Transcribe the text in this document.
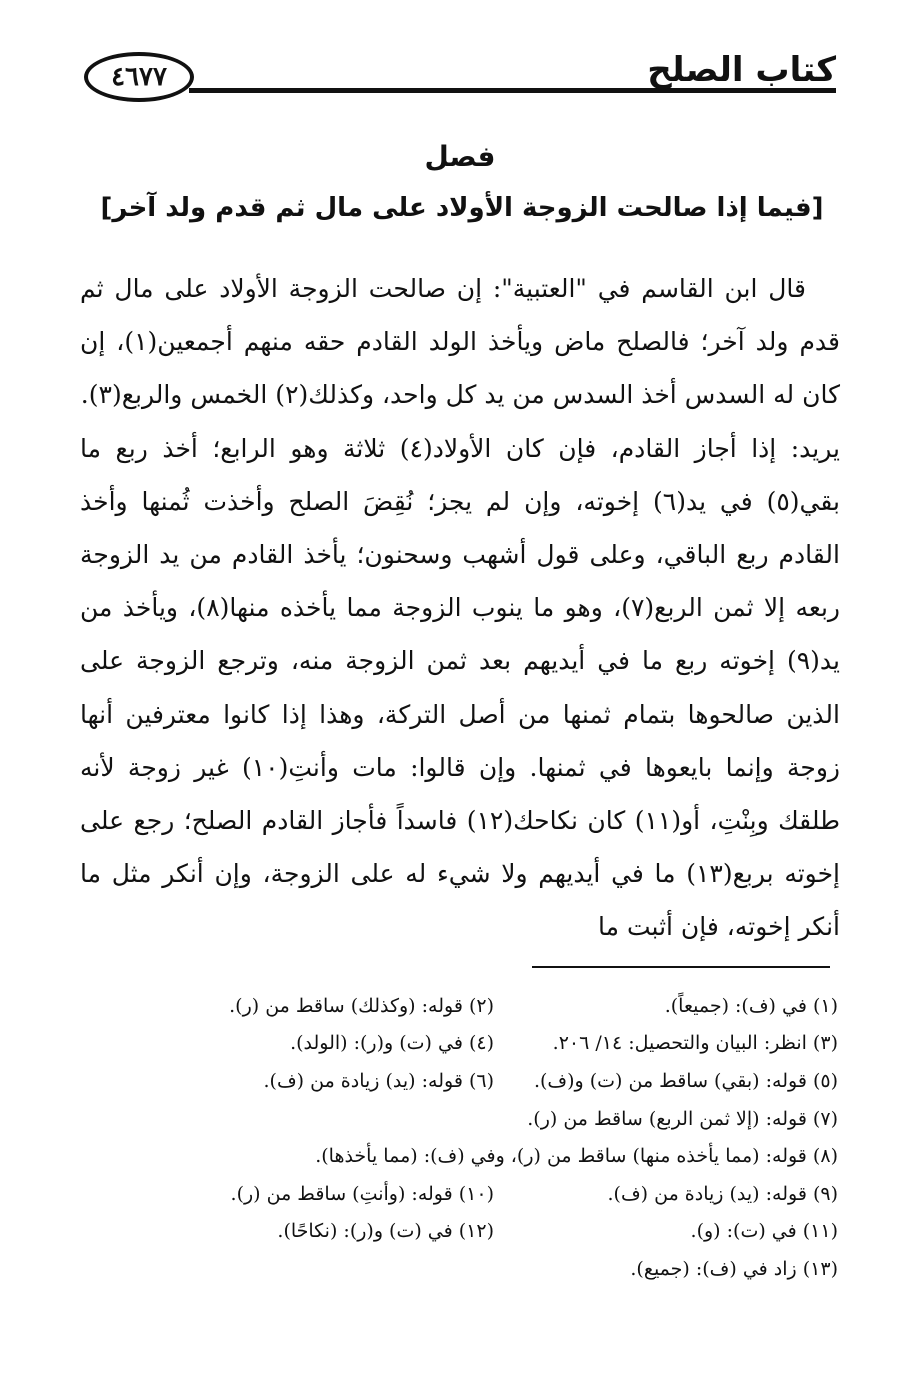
٤٦٧٧	كتاب الصلح
فصل
[فيما إذا صالحت الزوجة الأولاد على مال ثم قدم ولد آخر]

قال ابن القاسم في "العتبية": إن صالحت الزوجة الأولاد على مال ثم قدم ولد آخر؛ فالصلح ماض ويأخذ الولد القادم حقه منهم أجمعين(١)، إن كان له السدس أخذ السدس من يد كل واحد، وكذلك(٢) الخمس والربع(٣).

يريد: إذا أجاز القادم، فإن كان الأولاد(٤) ثلاثة وهو الرابع؛ أخذ ربع ما بقي(٥) في يد(٦) إخوته، وإن لم يجز؛ نُقِضَ الصلح وأخذت ثُمنها وأخذ القادم ربع الباقي، وعلى قول أشهب وسحنون؛ يأخذ القادم من يد الزوجة ربعه إلا ثمن الربع(٧)، وهو ما ينوب الزوجة مما يأخذه منها(٨)، ويأخذ من يد(٩) إخوته ربع ما في أيديهم بعد ثمن الزوجة منه، وترجع الزوجة على الذين صالحوها بتمام ثمنها من أصل التركة، وهذا إذا كانوا معترفين أنها زوجة وإنما بايعوها في ثمنها. وإن قالوا: مات وأنتِ(١٠) غير زوجة لأنه طلقك وبِنْتِ، أو(١١) كان نكاحك(١٢) فاسداً فأجاز القادم الصلح؛ رجع على إخوته بربع(١٣) ما في أيديهم ولا شيء له على الزوجة، وإن أنكر مثل ما أنكر إخوته، فإن أثبت ما

(١) في (ف): (جميعاً).
(٢) قوله: (وكذلك) ساقط من (ر).
(٣) انظر: البيان والتحصيل: ١٤/ ٢٠٦.
(٤) في (ت) و(ر): (الولد).
(٥) قوله: (بقي) ساقط من (ت) و(ف).
(٦) قوله: (يد) زيادة من (ف).
(٧) قوله: (إلا ثمن الربع) ساقط من (ر).
(٨) قوله: (مما يأخذه منها) ساقط من (ر)، وفي (ف): (مما يأخذها).
(٩) قوله: (يد) زيادة من (ف).
(١٠) قوله: (وأنتِ) ساقط من (ر).
(١١) في (ت): (و).
(١٢) في (ت) و(ر): (نكاحًا).
(١٣) زاد في (ف): (جميع).
